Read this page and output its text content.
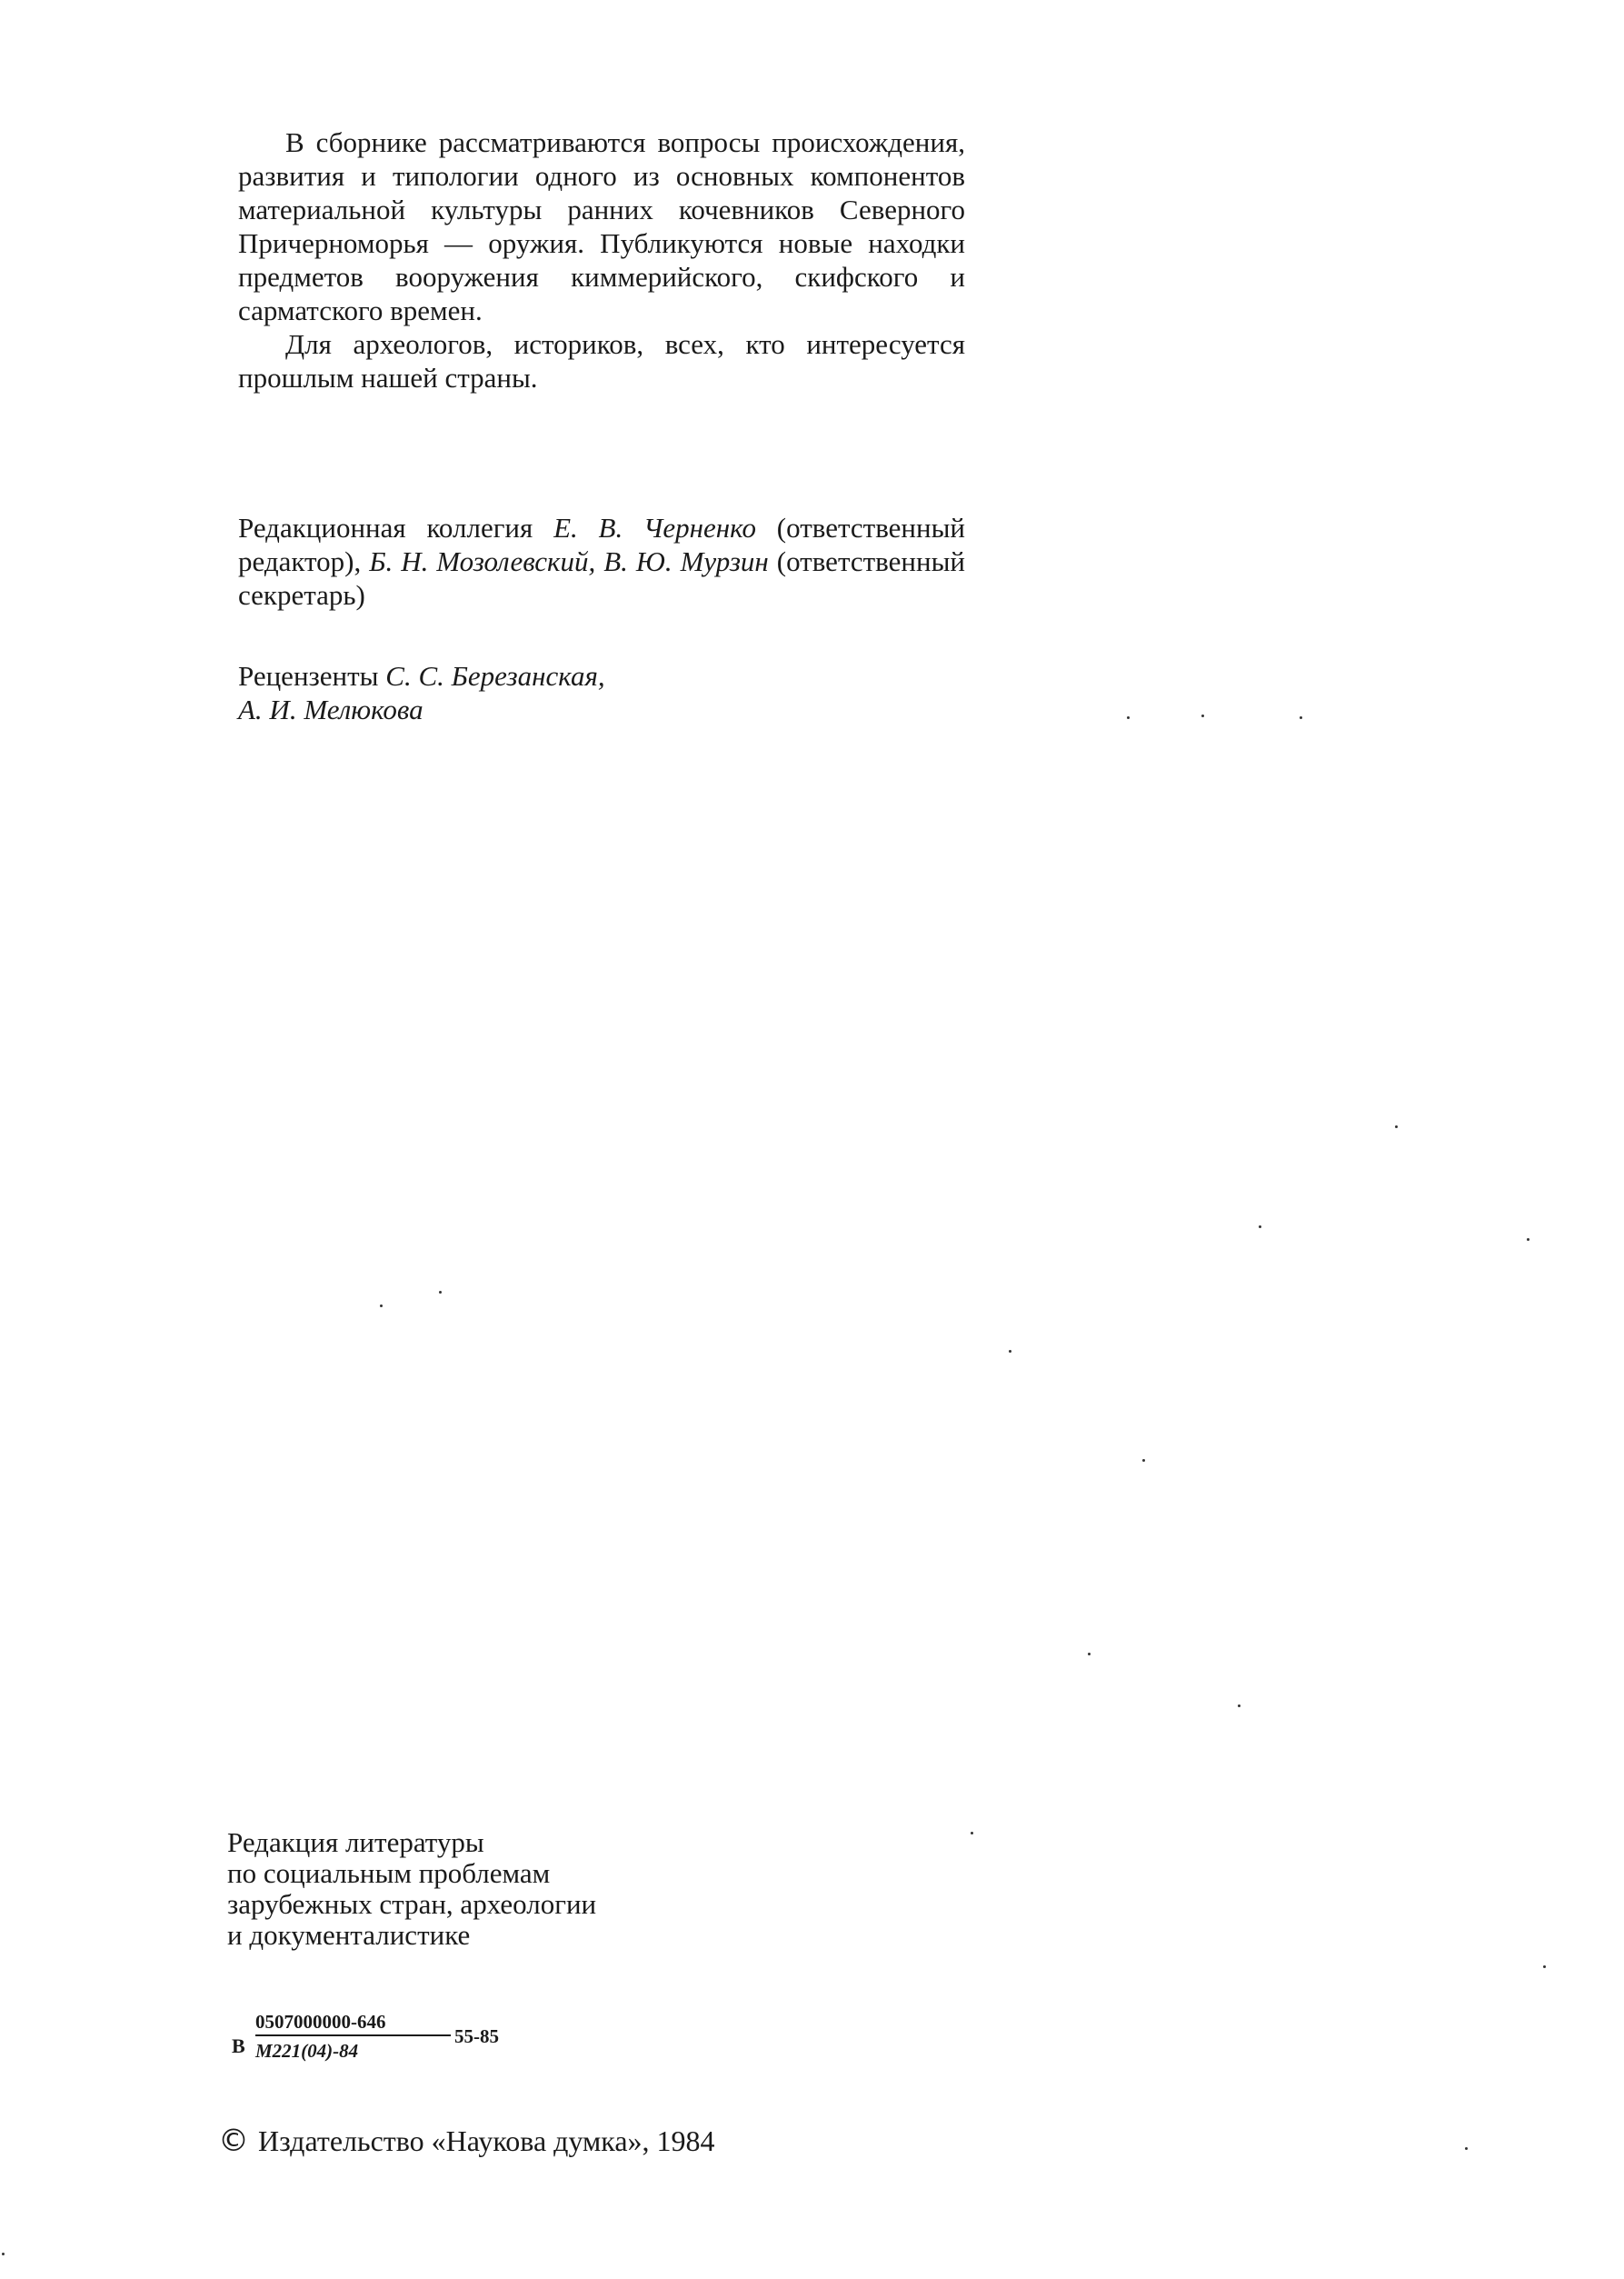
В сборнике рассматриваются вопросы происхождения, развития и типологии одного из основных компонентов материальной культуры ранних кочевников Северного Причерноморья — оружия. Публикуются новые находки предметов вооружения киммерийского, скифского и сарматского времен.

Для археологов, историков, всех, кто интересуется прошлым нашей страны.

Редакционная коллегия Е. В. Черненко (ответственный редактор), Б. Н. Мозолевский, В. Ю. Мурзин (ответственный секретарь)
Рецензенты С. С. Березанская,
А. И. Мелюкова
Редакция литературы
по социальным проблемам
зарубежных стран, археологии
и документалистике
В
0507000000-646
М221(04)-84
55-85
© Издательство «Наукова думка», 1984
